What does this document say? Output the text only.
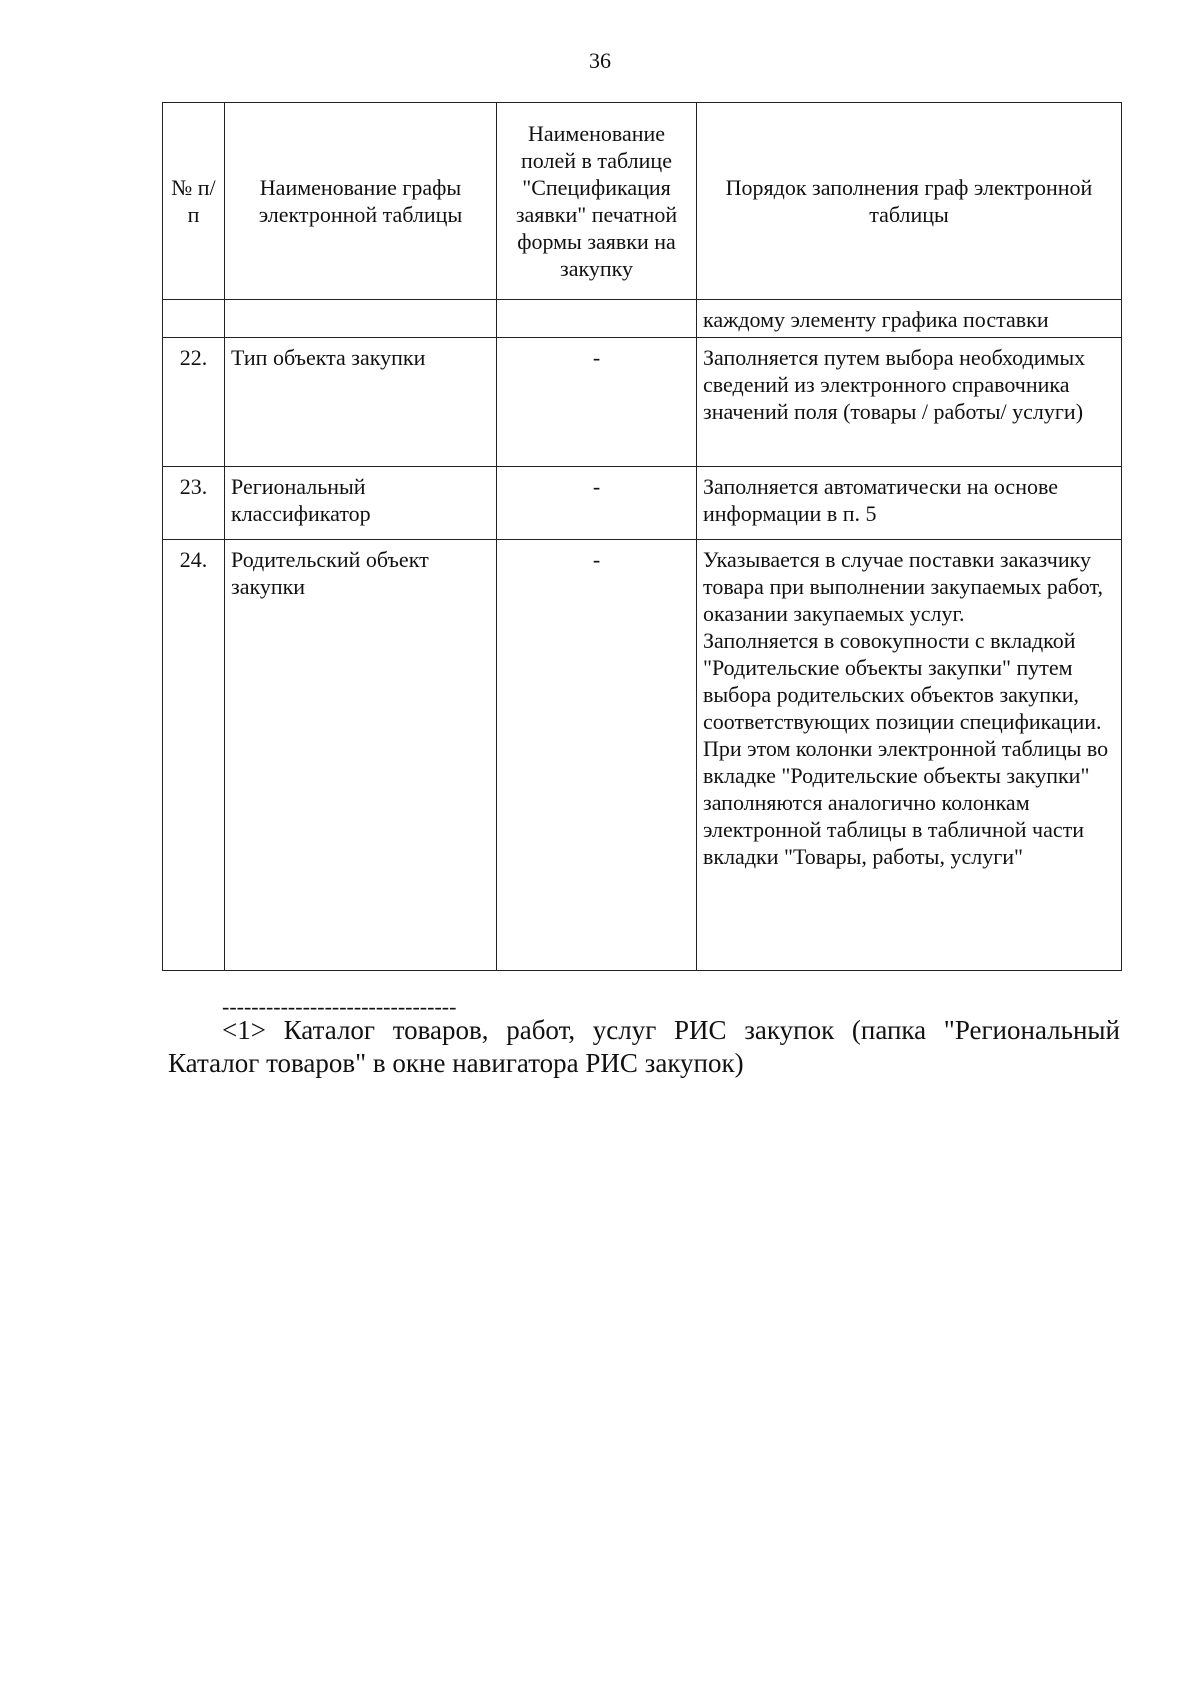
36
№ п/п	Наименование графы электронной таблицы	Наименование полей в таблице "Спецификация заявки" печатной формы заявки на закупку	Порядок заполнения граф электронной таблицы
			каждому элементу графика поставки
22.	Тип объекта закупки	-	Заполняется путем выбора необходимых сведений из электронного справочника значений поля (товары / работы/ услуги)
23.	Региональный классификатор	-	Заполняется автоматически на основе информации в п. 5
24.	Родительский объект закупки	-	Указывается в случае поставки заказчику товара при выполнении закупаемых работ, оказании закупаемых услуг.
Заполняется в совокупности с вкладкой "Родительские объекты закупки" путем выбора родительских объектов закупки, соответствующих позиции спецификации. При этом колонки электронной таблицы во вкладке "Родительские объекты закупки" заполняются аналогично колонкам электронной таблицы в табличной части вкладки "Товары, работы, услуги"
--------------------------------
<1> Каталог товаров, работ, услуг РИС закупок (папка "Региональный Каталог товаров" в окне навигатора РИС закупок)
